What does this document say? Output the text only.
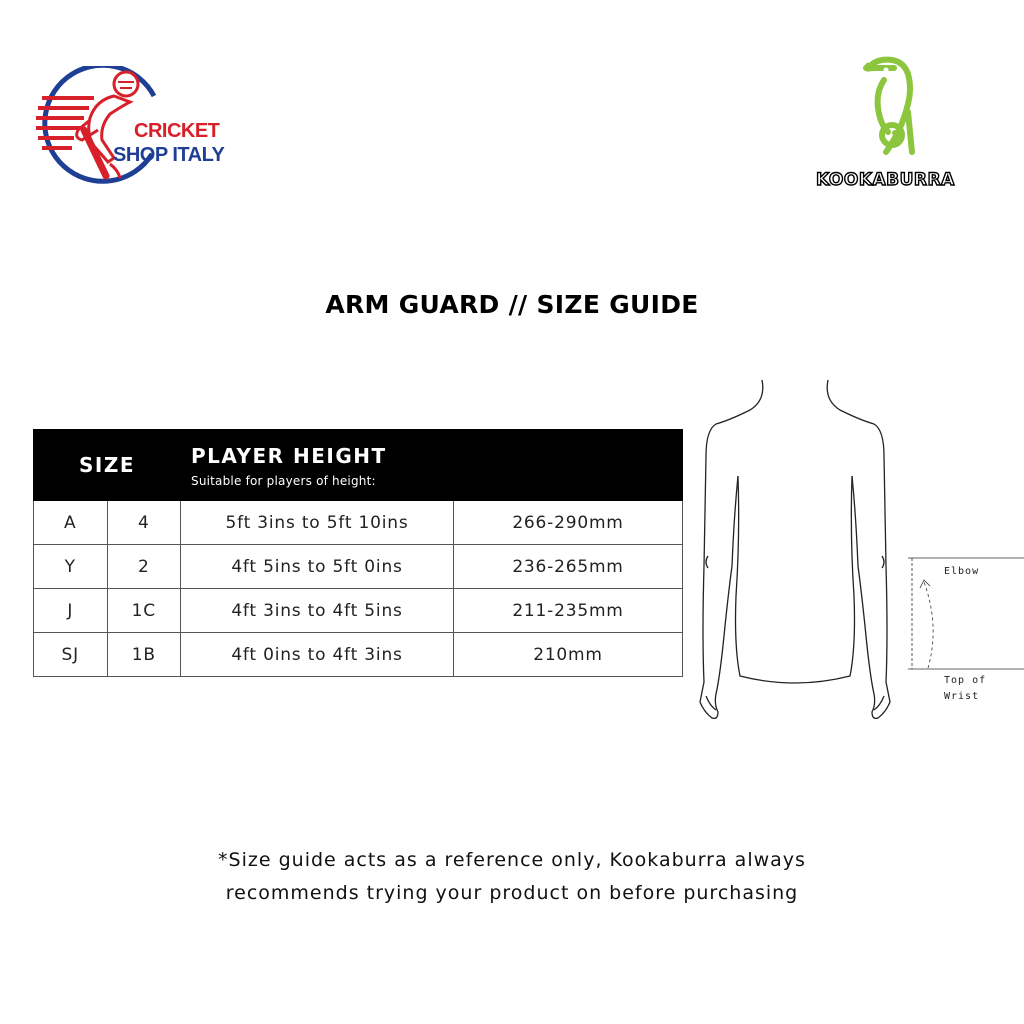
CRICKET
SHOP ITALY
KOOKABURRA
ARM GUARD // SIZE GUIDE
SIZE		PLAYER HEIGHT
Suitable for players of height:	

A	4	5ft 3ins to 5ft 10ins	266-290mm
Y	2	4ft 5ins to 5ft 0ins	236-265mm
J	1C	4ft 3ins to 4ft 5ins	211-235mm
SJ	1B	4ft 0ins to 4ft 3ins	210mm
Elbow
Top of
Wrist
*Size guide acts as a reference only, Kookaburra always
recommends trying your product on before purchasing
